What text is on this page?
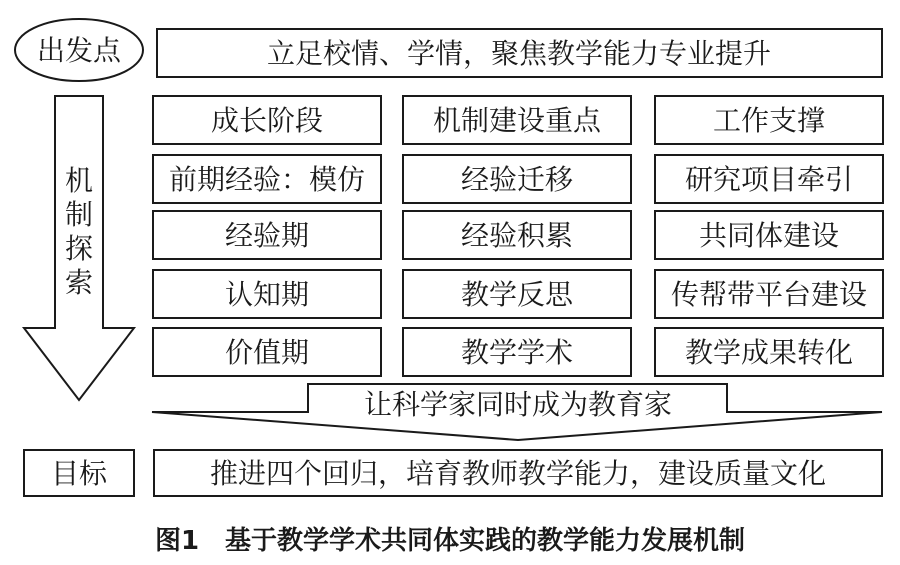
出发点	立足校情、学情，聚焦教学能力专业提升
机
制
探
索
成长阶段	机制建设重点	工作支撑
前期经验：模仿	经验迁移	研究项目牵引
经验期	经验积累	共同体建设
认知期	教学反思	传帮带平台建设
价值期	教学学术	教学成果转化
让科学家同时成为教育家
目标	推进四个回归，培育教师教学能力，建设质量文化
图1　基于教学学术共同体实践的教学能力发展机制
